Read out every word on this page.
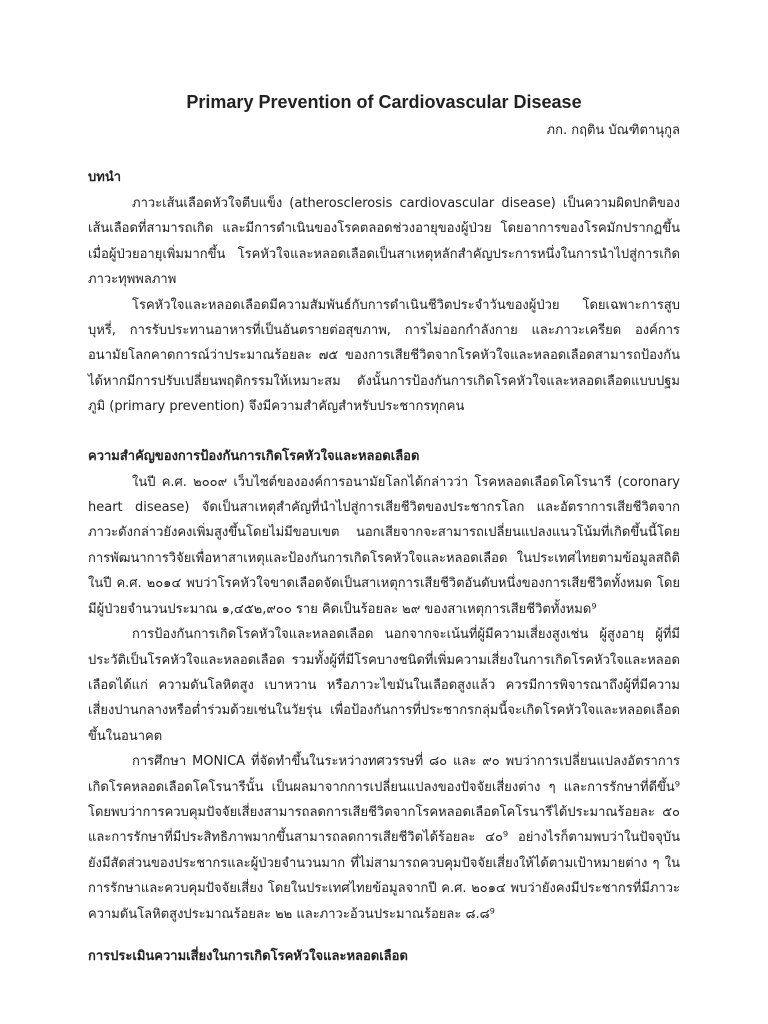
Primary Prevention of Cardiovascular Disease
ภก. กฤติน บัณฑิตานุกูล
บทนำ

ภาวะเส้นเลือดหัวใจตีบแข็ง (atherosclerosis cardiovascular disease) เป็นความผิดปกติของเส้นเลือดที่สามารถเกิด และมีการดำเนินของโรคตลอดช่วงอายุของผู้ป่วย โดยอาการของโรคมักปรากฏขึ้นเมื่อผู้ป่วยอายุเพิ่มมากขึ้น โรคหัวใจและหลอดเลือดเป็นสาเหตุหลักสำคัญประการหนึ่งในการนำไปสู่การเกิดภาวะทุพพลภาพ

โรคหัวใจและหลอดเลือดมีความสัมพันธ์กับการดำเนินชีวิตประจำวันของผู้ป่วย โดยเฉพาะการสูบบุหรี่, การรับประทานอาหารที่เป็นอันตรายต่อสุขภาพ, การไม่ออกกำลังกาย และภาวะเครียด องค์การอนามัยโลกคาดการณ์ว่าประมาณร้อยละ ๗๕ ของการเสียชีวิตจากโรคหัวใจและหลอดเลือดสามารถป้องกันได้หากมีการปรับเปลี่ยนพฤติกรรมให้เหมาะสม ดังนั้นการป้องกันการเกิดโรคหัวใจและหลอดเลือดแบบปฐมภูมิ (primary prevention) จึงมีความสำคัญสำหรับประชากรทุกคน

ความสำคัญของการป้องกันการเกิดโรคหัวใจและหลอดเลือด

ในปี ค.ศ. ๒๐๐๙ เว็บไซต์ขององค์การอนามัยโลกได้กล่าวว่า โรคหลอดเลือดโคโรนารี (coronary heart disease) จัดเป็นสาเหตุสำคัญที่นำไปสู่การเสียชีวิตของประชากรโลก และอัตราการเสียชีวิตจากภาวะดังกล่าวยังคงเพิ่มสูงขึ้นโดยไม่มีขอบเขต นอกเสียจากจะสามารถเปลี่ยนแปลงแนวโน้มที่เกิดขึ้นนี้โดยการพัฒนาการวิจัยเพื่อหาสาเหตุและป้องกันการเกิดโรคหัวใจและหลอดเลือด ในประเทศไทยตามข้อมูลสถิติในปี ค.ศ. ๒๐๑๔ พบว่าโรคหัวใจขาดเลือดจัดเป็นสาเหตุการเสียชีวิตอันดับหนึ่งของการเสียชีวิตทั้งหมด โดยมีผู้ป่วยจำนวนประมาณ ๑,๔๕๒,๙๐๐ ราย คิดเป็นร้อยละ ๒๙ ของสาเหตุการเสียชีวิตทั้งหมด⁹

การป้องกันการเกิดโรคหัวใจและหลอดเลือด นอกจากจะเน้นที่ผู้มีความเสี่ยงสูงเช่น ผู้สูงอายุ ผู้ที่มีประวัติเป็นโรคหัวใจและหลอดเลือด รวมทั้งผู้ที่มีโรคบางชนิดที่เพิ่มความเสี่ยงในการเกิดโรคหัวใจและหลอดเลือดได้แก่ ความดันโลหิตสูง เบาหวาน หรือภาวะไขมันในเลือดสูงแล้ว ควรมีการพิจารณาถึงผู้ที่มีความเสี่ยงปานกลางหรือต่ำร่วมด้วยเช่นในวัยรุ่น เพื่อป้องกันการที่ประชากรกลุ่มนี้จะเกิดโรคหัวใจและหลอดเลือดขึ้นในอนาคต

การศึกษา MONICA ที่จัดทำขึ้นในระหว่างทศวรรษที่ ๘๐ และ ๙๐ พบว่าการเปลี่ยนแปลงอัตราการเกิดโรคหลอดเลือดโคโรนารีนั้น เป็นผลมาจากการเปลี่ยนแปลงของปัจจัยเสี่ยงต่าง ๆ และการรักษาที่ดีขึ้น⁹ โดยพบว่าการควบคุมปัจจัยเสี่ยงสามารถลดการเสียชีวิตจากโรคหลอดเลือดโคโรนารีได้ประมาณร้อยละ ๕๐ และการรักษาที่มีประสิทธิภาพมากขึ้นสามารถลดการเสียชีวิตได้ร้อยละ ๔๐⁹ อย่างไรก็ตามพบว่าในปัจจุบันยังมีสัดส่วนของประชากรและผู้ป่วยจำนวนมาก ที่ไม่สามารถควบคุมปัจจัยเสี่ยงให้ได้ตามเป้าหมายต่าง ๆ ในการรักษาและควบคุมปัจจัยเสี่ยง โดยในประเทศไทยข้อมูลจากปี ค.ศ. ๒๐๑๔ พบว่ายังคงมีประชากรที่มีภาวะความดันโลหิตสูงประมาณร้อยละ ๒๒ และภาวะอ้วนประมาณร้อยละ ๘.๘⁹

การประเมินความเสี่ยงในการเกิดโรคหัวใจและหลอดเลือด
